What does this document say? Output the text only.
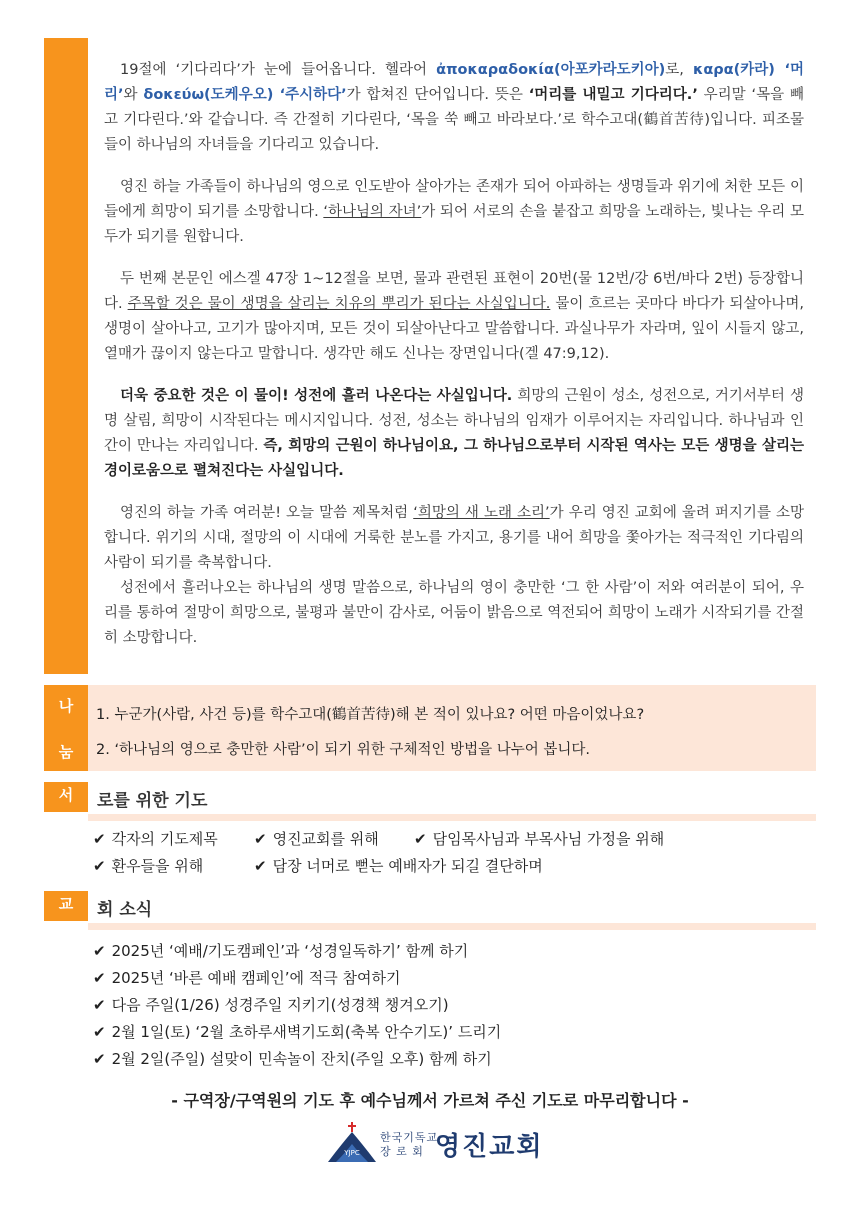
19절에 ‘기다리다’가 눈에 들어옵니다. 헬라어 ἀποκαραδοκία(아포카라도키아)로, καρα(카라) ‘머리’와 δοκεύω(도케우오) ‘주시하다’가 합쳐진 단어입니다. 뜻은 ‘머리를 내밀고 기다리다.’ 우리말 ‘목을 빼고 기다린다.’와 같습니다. 즉 간절히 기다린다, ‘목을 쑥 빼고 바라보다.’로 학수고대(鶴首苦待)입니다. 피조물들이 하나님의 자녀들을 기다리고 있습니다.

영진 하늘 가족들이 하나님의 영으로 인도받아 살아가는 존재가 되어 아파하는 생명들과 위기에 처한 모든 이들에게 희망이 되기를 소망합니다. ‘하나님의 자녀’가 되어 서로의 손을 붙잡고 희망을 노래하는, 빛나는 우리 모두가 되기를 원합니다.

두 번째 본문인 에스겔 47장 1~12절을 보면, 물과 관련된 표현이 20번(물 12번/강 6번/바다 2번) 등장합니다. 주목할 것은 물이 생명을 살리는 치유의 뿌리가 된다는 사실입니다. 물이 흐르는 곳마다 바다가 되살아나며, 생명이 살아나고, 고기가 많아지며, 모든 것이 되살아난다고 말씀합니다. 과실나무가 자라며, 잎이 시들지 않고, 열매가 끊이지 않는다고 말합니다. 생각만 해도 신나는 장면입니다(겔 47:9,12).

더욱 중요한 것은 이 물이! 성전에 흘러 나온다는 사실입니다. 희망의 근원이 성소, 성전으로, 거기서부터 생명 살림, 희망이 시작된다는 메시지입니다. 성전, 성소는 하나님의 임재가 이루어지는 자리입니다. 하나님과 인간이 만나는 자리입니다. 즉, 희망의 근원이 하나님이요, 그 하나님으로부터 시작된 역사는 모든 생명을 살리는 경이로움으로 펼쳐진다는 사실입니다.

영진의 하늘 가족 여러분! 오늘 말씀 제목처럼 ‘희망의 새 노래 소리’가 우리 영진 교회에 울려 퍼지기를 소망합니다. 위기의 시대, 절망의 이 시대에 거룩한 분노를 가지고, 용기를 내어 희망을 쫓아가는 적극적인 기다림의 사람이 되기를 축복합니다.

성전에서 흘러나오는 하나님의 생명 말씀으로, 하나님의 영이 충만한 ‘그 한 사람’이 저와 여러분이 되어, 우리를 통하여 절망이 희망으로, 불평과 불만이 감사로, 어둠이 밝음으로 역전되어 희망이 노래가 시작되기를 간절히 소망합니다.

나
눔
1. 누군가(사람, 사건 등)를 학수고대(鶴首苦待)해 본 적이 있나요? 어떤 마음이었나요?
2. ‘하나님의 영으로 충만한 사람’이 되기 위한 구체적인 방법을 나누어 봅니다.
서	로를 위한 기도
✔ 각자의 기도제목 ✔ 영진교회를 위해 ✔ 담임목사님과 부목사님 가정을 위해
✔ 환우들을 위해	✔ 담장 너머로 뻗는 예배자가 되길 결단하며
교	회 소식
✔ 2025년 ‘예배/기도캠페인’과 ‘성경일독하기’ 함께 하기
✔ 2025년 ‘바른 예배 캠페인’에 적극 참여하기
✔ 다음 주일(1/26) 성경주일 지키기(성경책 챙겨오기)
✔ 2월 1일(토) ‘2월 초하루새벽기도회(축복 안수기도)’ 드리기
✔ 2월 2일(주일) 설맞이 민속놀이 잔치(주일 오후) 함께 하기
- 구역장/구역원의 기도 후 예수님께서 가르쳐 주신 기도로 마무리합니다 -
YJPC
한국기독교
장 로 회 영진교회
